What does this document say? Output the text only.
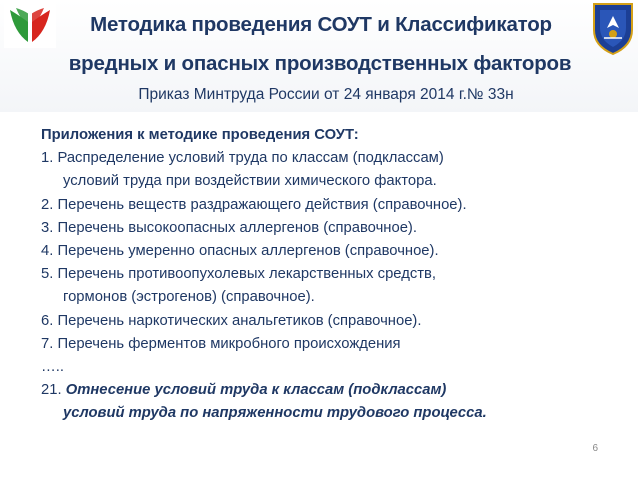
Методика проведения СОУТ и Классификатор
вредных и опасных производственных факторов
Приказ Минтруда России от 24 января 2014 г.№ 33н
Приложения к методике проведения СОУТ:
1. Распределение условий труда по классам (подклассам)
условий труда при воздействии химического фактора.
2. Перечень веществ раздражающего действия (справочное).
3. Перечень высокоопасных аллергенов (справочное).
4. Перечень умеренно опасных аллергенов (справочное).
5. Перечень противоопухолевых лекарственных средств,
гормонов (эстрогенов) (справочное).
6. Перечень наркотических анальгетиков (справочное).
7. Перечень ферментов микробного происхождения
…..
21. Отнесение условий труда к классам (подклассам)
условий труда по напряженности трудового процесса.
6
